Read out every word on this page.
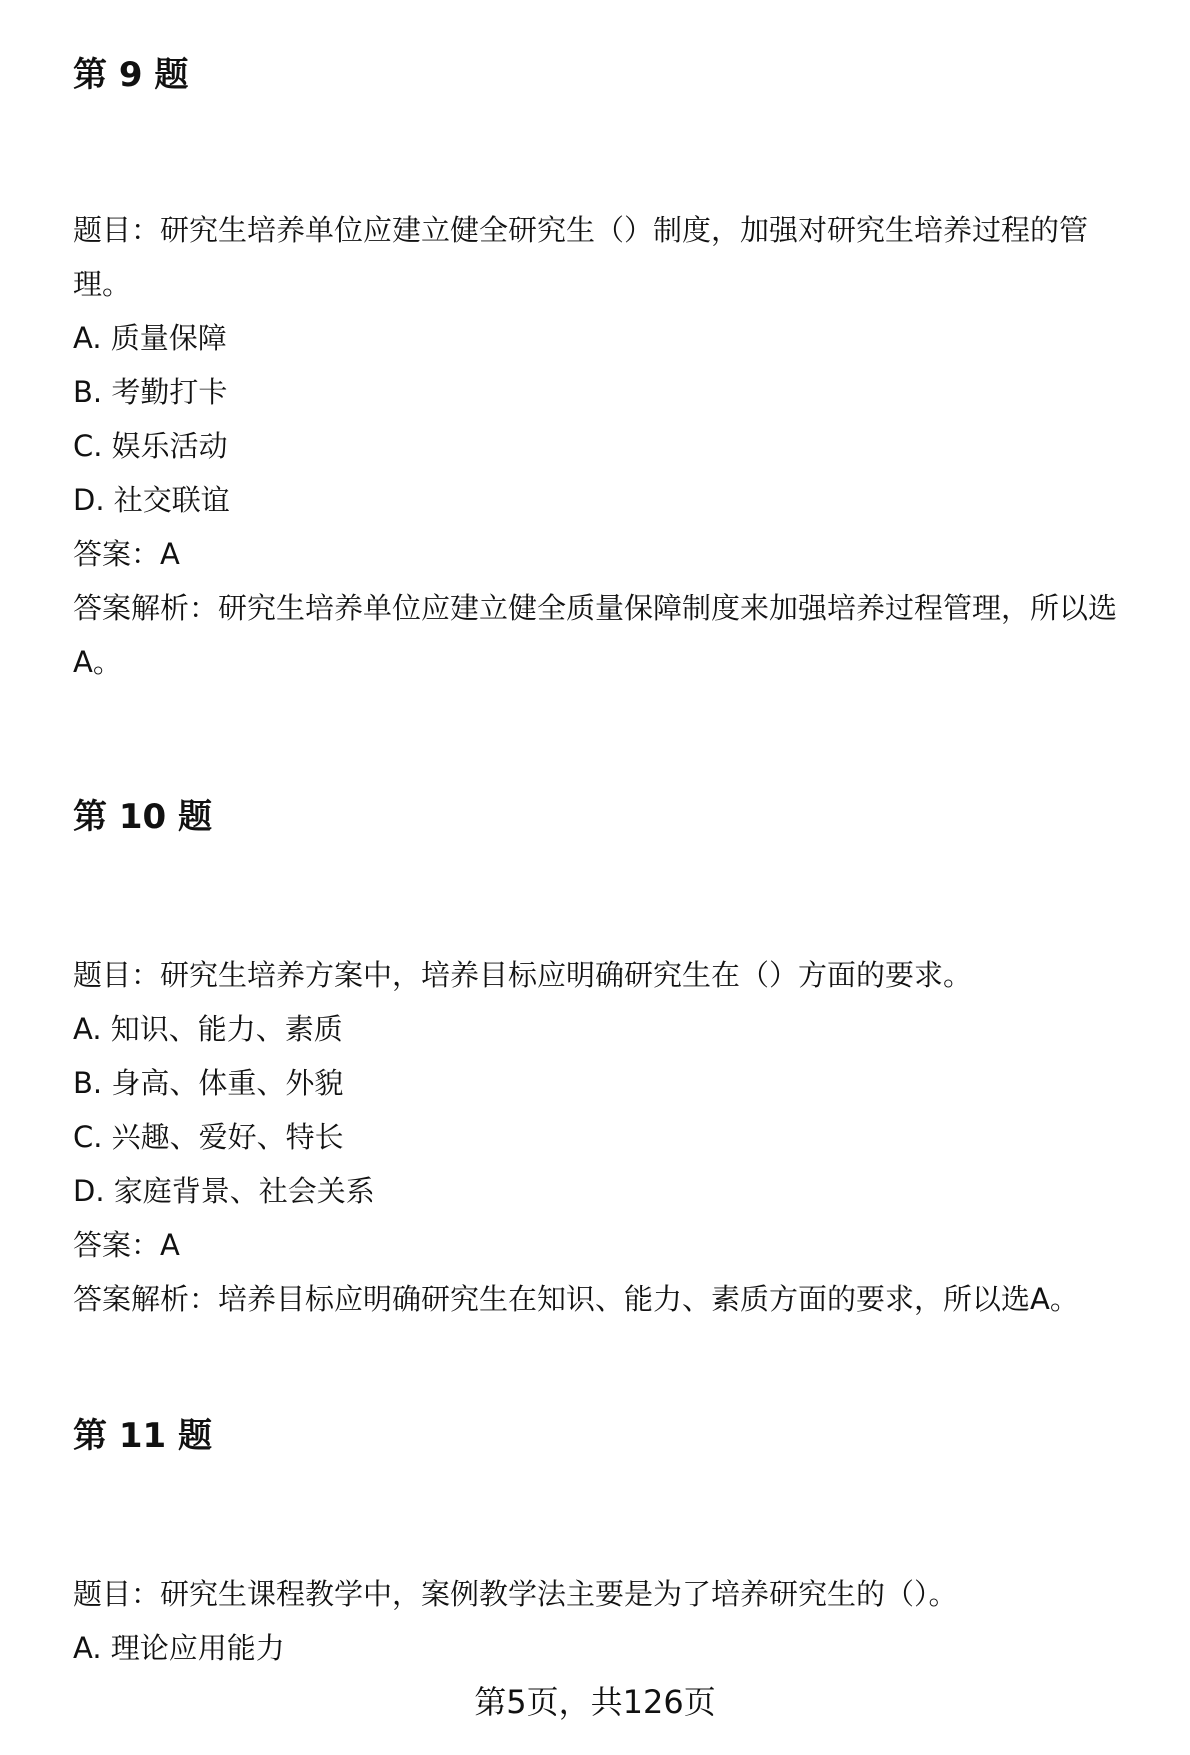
第 9 题
题目：研究生培养单位应建立健全研究生（）制度，加强对研究生培养过程的管
理。
A. 质量保障
B. 考勤打卡
C. 娱乐活动
D. 社交联谊
答案：A
答案解析：研究生培养单位应建立健全质量保障制度来加强培养过程管理，所以选
A。
第 10 题
题目：研究生培养方案中，培养目标应明确研究生在（）方面的要求。
A. 知识、能力、素质
B. 身高、体重、外貌
C. 兴趣、爱好、特长
D. 家庭背景、社会关系
答案：A
答案解析：培养目标应明确研究生在知识、能力、素质方面的要求，所以选A。
第 11 题
题目：研究生课程教学中，案例教学法主要是为了培养研究生的（）。
A. 理论应用能力
第5页，共126页
